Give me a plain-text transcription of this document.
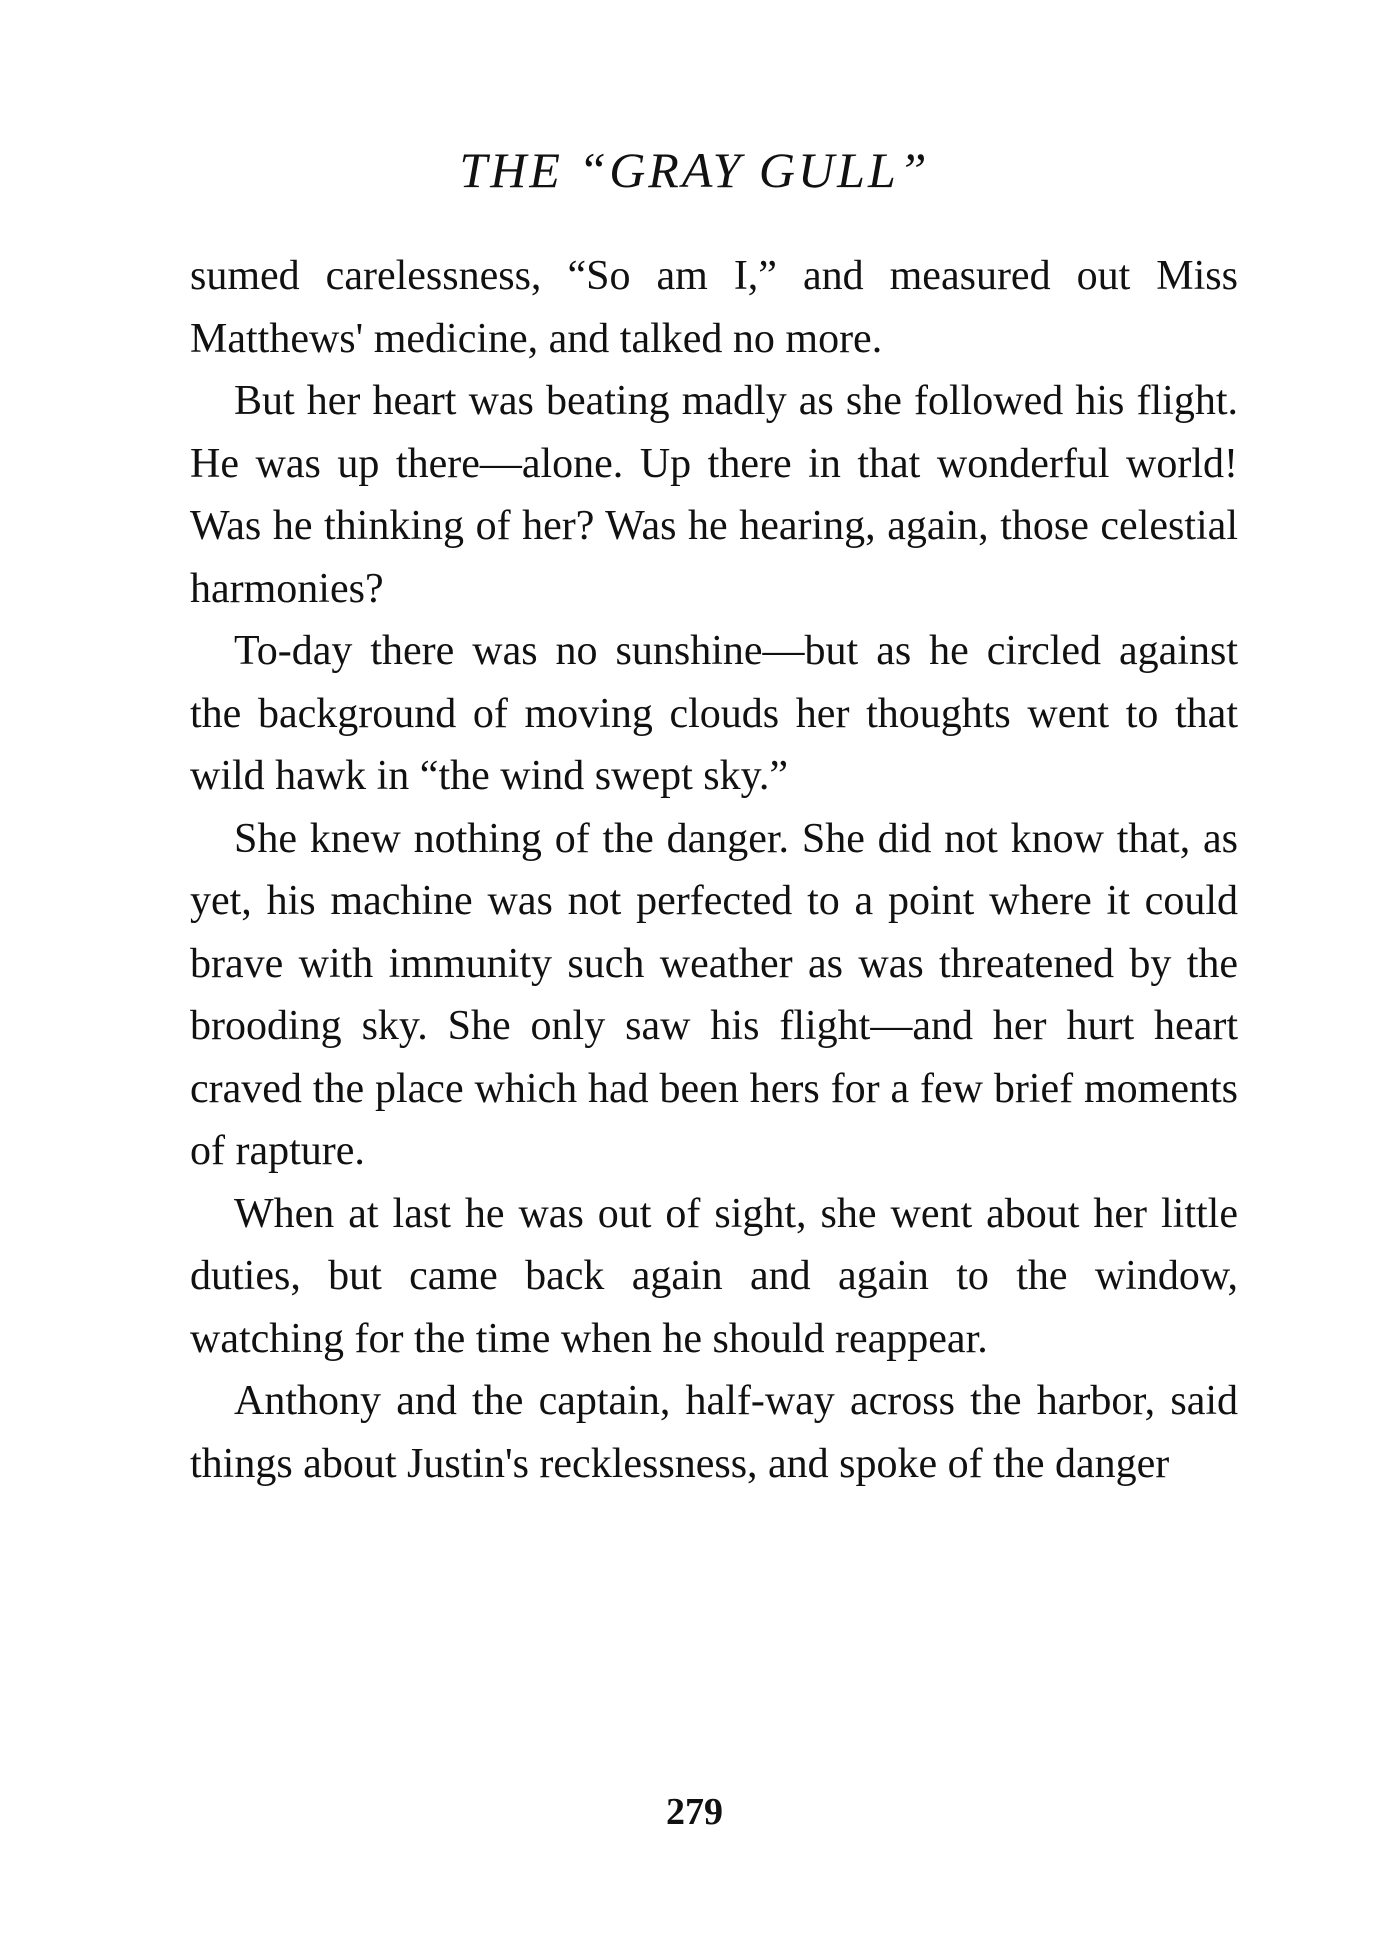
THE “GRAY GULL”

sumed carelessness, “So am I,” and measured out Miss Matthews' medicine, and talked no more.

But her heart was beating madly as she followed his flight. He was up there—alone. Up there in that wonderful world! Was he thinking of her? Was he hearing, again, those celestial harmonies?

To-day there was no sunshine—but as he circled against the background of moving clouds her thoughts went to that wild hawk in “the wind swept sky.”

She knew nothing of the danger. She did not know that, as yet, his machine was not perfected to a point where it could brave with immunity such weather as was threatened by the brooding sky. She only saw his flight—and her hurt heart craved the place which had been hers for a few brief moments of rapture.

When at last he was out of sight, she went about her little duties, but came back again and again to the window, watching for the time when he should reappear.

Anthony and the captain, half-way across the harbor, said things about Justin's recklessness, and spoke of the danger

279
